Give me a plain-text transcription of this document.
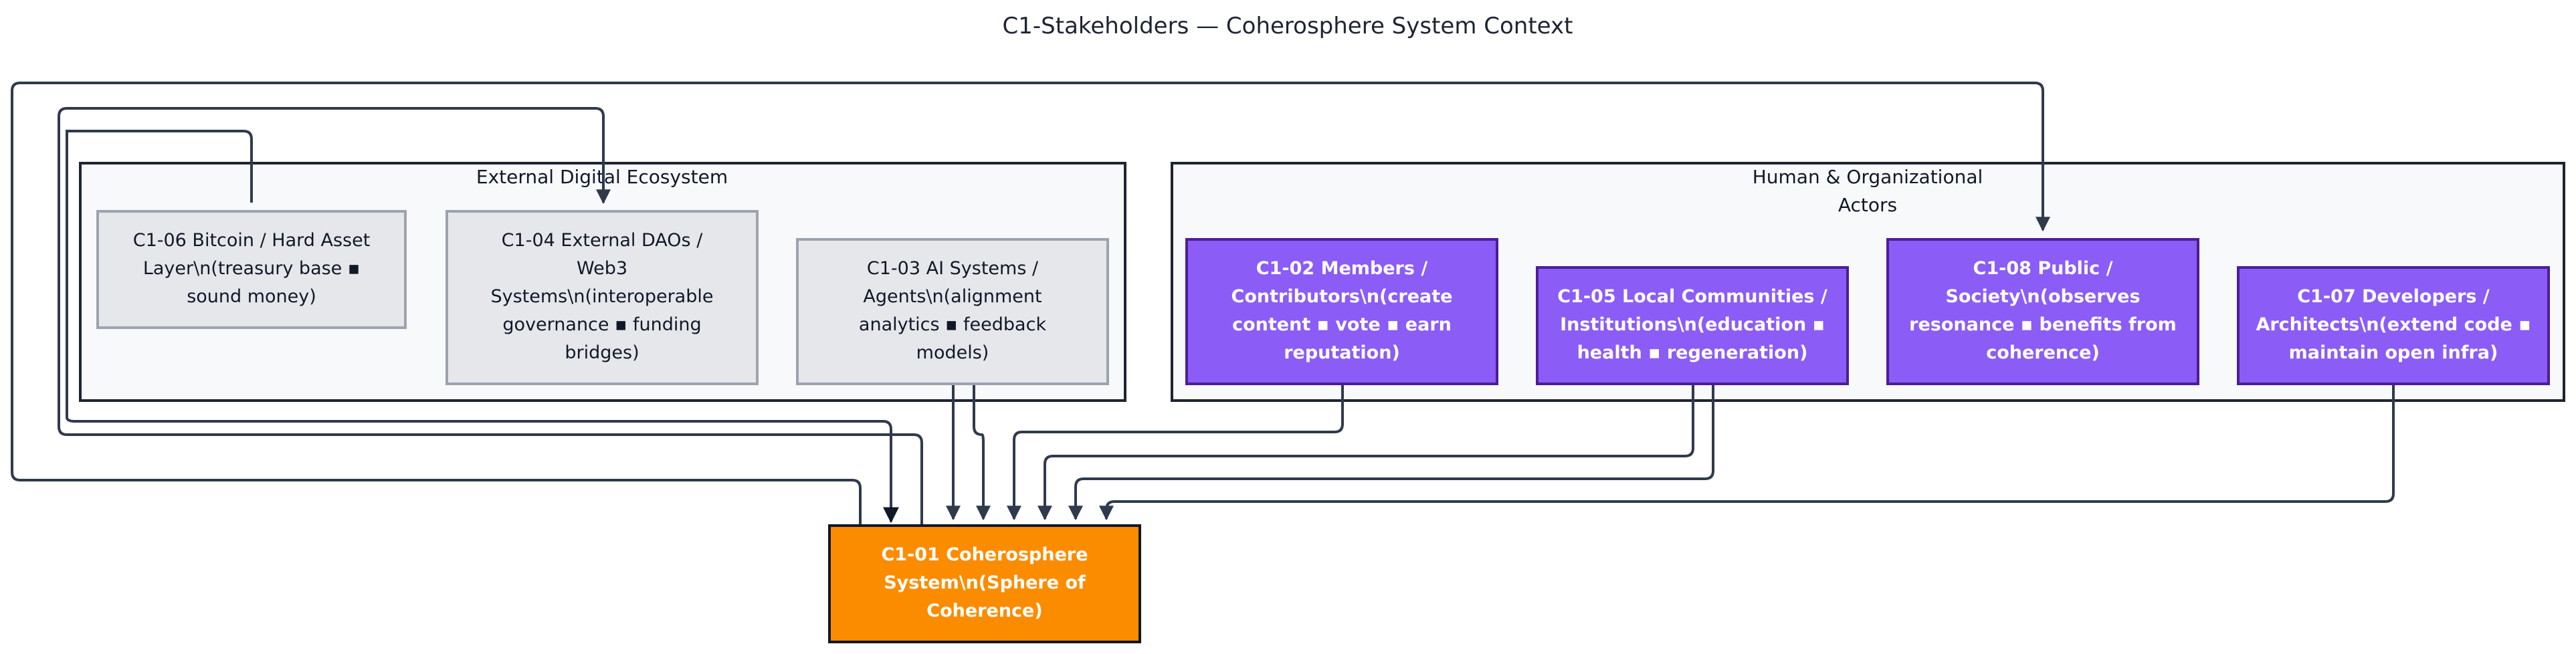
C1-Stakeholders — Coherosphere System Context
External Digital Ecosystem	Human & Organizational
Actors
C1-06 Bitcoin / Hard Asset
Layer\n(treasury base ▪
sound money)
C1-04 External DAOs /
Web3
Systems\n(interoperable
governance ▪ funding
bridges)
C1-03 AI Systems /
Agents\n(alignment
analytics ▪ feedback
models)
C1-02 Members /
Contributors\n(create
content ▪ vote ▪ earn
reputation)
C1-05 Local Communities /
Institutions\n(education ▪
health ▪ regeneration)
C1-08 Public /
Society\n(observes
resonance ▪ benefits from
coherence)
C1-07 Developers /
Architects\n(extend code ▪
maintain open infra)
C1-01 Coherosphere
System\n(Sphere of
Coherence)
